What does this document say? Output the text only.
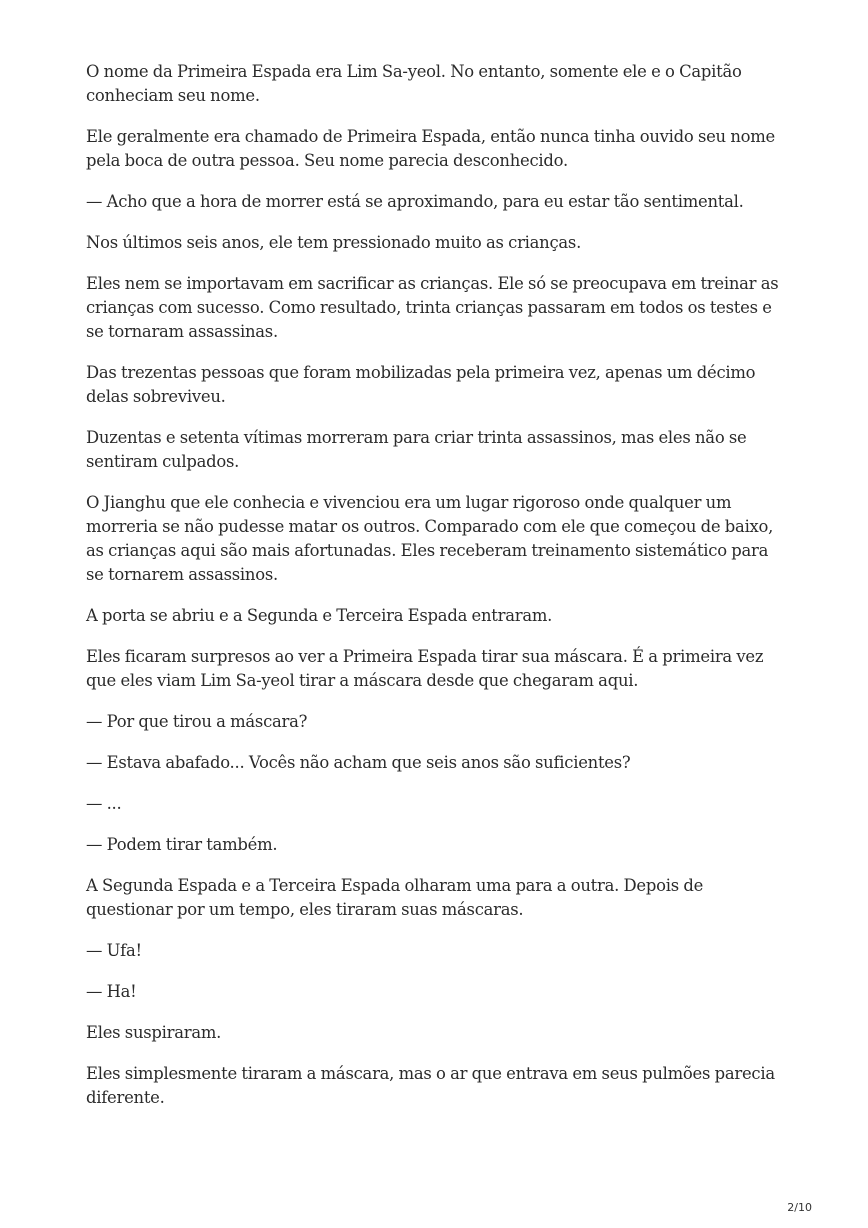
O nome da Primeira Espada era Lim Sa-yeol. No entanto, somente ele e o Capitão conheciam seu nome.

Ele geralmente era chamado de Primeira Espada, então nunca tinha ouvido seu nome pela boca de outra pessoa. Seu nome parecia desconhecido.

— Acho que a hora de morrer está se aproximando, para eu estar tão sentimental.

Nos últimos seis anos, ele tem pressionado muito as crianças.

Eles nem se importavam em sacrificar as crianças. Ele só se preocupava em treinar as crianças com sucesso. Como resultado, trinta crianças passaram em todos os testes e se tornaram assassinas.

Das trezentas pessoas que foram mobilizadas pela primeira vez, apenas um décimo delas sobreviveu.

Duzentas e setenta vítimas morreram para criar trinta assassinos, mas eles não se sentiram culpados.

O Jianghu que ele conhecia e vivenciou era um lugar rigoroso onde qualquer um morreria se não pudesse matar os outros. Comparado com ele que começou de baixo, as crianças aqui são mais afortunadas. Eles receberam treinamento sistemático para se tornarem assassinos.

A porta se abriu e a Segunda e Terceira Espada entraram.

Eles ficaram surpresos ao ver a Primeira Espada tirar sua máscara. É a primeira vez que eles viam Lim Sa-yeol tirar a máscara desde que chegaram aqui.

— Por que tirou a máscara?

— Estava abafado... Vocês não acham que seis anos são suficientes?

— ...

— Podem tirar também.

A Segunda Espada e a Terceira Espada olharam uma para a outra. Depois de questionar por um tempo, eles tiraram suas máscaras.

— Ufa!

— Ha!

Eles suspiraram.

Eles simplesmente tiraram a máscara, mas o ar que entrava em seus pulmões parecia diferente.

2/10
